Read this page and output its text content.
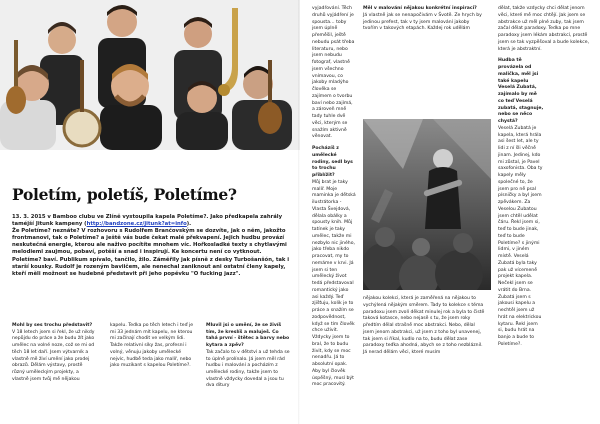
Poletím, poletíš, Poletíme?

13. 3. 2015 v Bamboo clubu ve Zlíně vystoupila kapela Poletíme?. Jako předkapela zahrály taméjší Jitunk kampeny (http://bandzone.cz/jitunk?at=info).

Že Poletíme? neznáte? V rozhovoru s Rudolfem Brančovským se dozvíte, jak o něm, jakožto frontmanovi, tak o Poletíme? a ještě vás bude čekat malé překvapení. Jejich hudbu provází neskutečná energie, kterou ale naživo pocítíte mnohem víc. Hořkosladké texty s chytlavými melodiemi zaujmou, pobaví, potěší a snad i inspirují. Ke koncertu není co vytknout. Poletíme? baví. Publikum spívalo, tančilo, žilo. Záměřily jak písně z desky Turbošanšón, tak i starší kousky. Rudolf je rozeným baviičem, ale nenechal zaniknout ani ostatní členy kapely, kteří měli možnost se hudebně představit při jeho popěvku "O fucking jazz".

Mohl by ses trochu představit?

V 18 letech jsem si řekl, že už nikdy nepůjdu do práce a že budu žít jako umělec na volné noze, což se mi od těch 18 let daří. Jsem výtvarník a vlastně mě živí umění jako prodej obrazů. Dělám výstavy, prostě různý uměleckým projekty, a vlastně jsem tvůj mě nějakou

kapelu. Tedka po těch letech i teď je mi 33 jednám mít kapelu, ne kterou mi začínají chodit ve velkým lidi. Takže relativní síky žas, profesní i volný, věnuju jakoby umělecké nejvíc, hudbě teda jako malíř, nebo jako muzikant s kapelou Poletíme?.

Mluvil jsi o umění, že se živíš tím, že kreslíš a maluješ. Co tahá první - štětec a barvy nebo kytara a zpěv?

Tak začalo to v dětství a už tehda se to úplně prolínalo. Já jsem měl rád hudbu i malování a pocházím z umělecké rodiny, takže jsem to vlastně vždycky dovedal a jsou tu dva ditury

vyjadřování. Těch druhů vyjádření je spousta… toby jsem úplně přeměšil, ještě nebudu psát třeba literaturu, nebo jsem nebudu fotograf, vlastně jsem všechno vnímavou, co jakoby mladýho člověka se zajímem o tvorbu baví nebo zajímá, a zároveň mně tady tuhle dvě věci, kterým se snažím aktivně věnovat.

Pocházíš z umělecké rodiny, sedl bys to trochu přiblížit?

Můj brat je taky malíř. Moje maminka je dětská ilustrátorka - Vlasta Švejdová, dělala obálky a spousty knih. Můj tatínek je taky umělec, takže mi nezbylo nic jiného, jako třeba nikdo pracovat, my to nemáme v krvi. Já jsem si ten umělecký život tedá představoval romantický jako asi každý. Teď zjišťuju, kolik je to práce a snažím se zodpovědnost, když se tím člověk chce uživit. Vždycky jsem to bral, že to budu živit, kdy se moc nenadřu. Já to absolutní opak. Aby byl člověk úspěšný, musí být moc pracovitý.

Měl v malování nějakou konkrétní inspiraci?

Já vlastně jak se nenapočivám v Švotě. Ze hrych by jedinou prefest, tak v ty jsem malování jakoby tvořím v takových etapách. Každej rok udělám

nějakou kolekci, která je zaměřená na nějakou to vychýlená nějakým směrem. Tady to kolekce s téma paradoxu jsem zvolí děkat minulej rok a byla to čistě taková kotasce, nebo nejasě s tu, že jsem roky předtím dělal strašně moc abstrakci. Nebo, dělal jsem jenom abstrakci, už jsem z toho byl unavenej, tak jsem si říkal, kudlo na to, budu dělat zase paradoxy teďka ahodná, abych se z toho nezbláznil. Já nerad dělám věci, které musím

dělat, takže vzdycky chci dělat jenom věci, které mě moc chtějí. Jak jsem se abstrakce už měl plné zuby, tak jsem začal dělat paradoxy. Tedka po mne paradoxy jsem lékám abstrakcí, prostě jsem se tak vyzpěšoval a bude kolekce, která je abstraktní.

Hudba tě provázela od malička, měl jsi také kapelu Veselá Zubatá, zajímalo by mě co teď Veselá zubatá, stagnuje, nebo se něco chystá?

Veselá Zubatá je kapela, která hrála asi šest let, ale ty lidi z ní šli věčně jinam. Jedinej, kdo mi zůstal, je Pavel saxofonista. Oba ty kapely měly společné to, že jsem pro ně psal písničky a byl jsem zpěvákem. Za Veselou Zubatou jsem chtěl udělat čáru. Řekl jsem si, teď to bude jinak, teď to bude Poletíme? s jinými lidmi, v jiném místě. Veselá Zubatá byla taky pak už vícemeně projekt kapela. Nečekl jsem se vrátit do Brna. Zubatá jsem s jakousi kapelu a nechtěl jsem už hrát na elektrickou kytaru. Řekl jsem si, budu hrát na banjo a bude to Poletíme?.
